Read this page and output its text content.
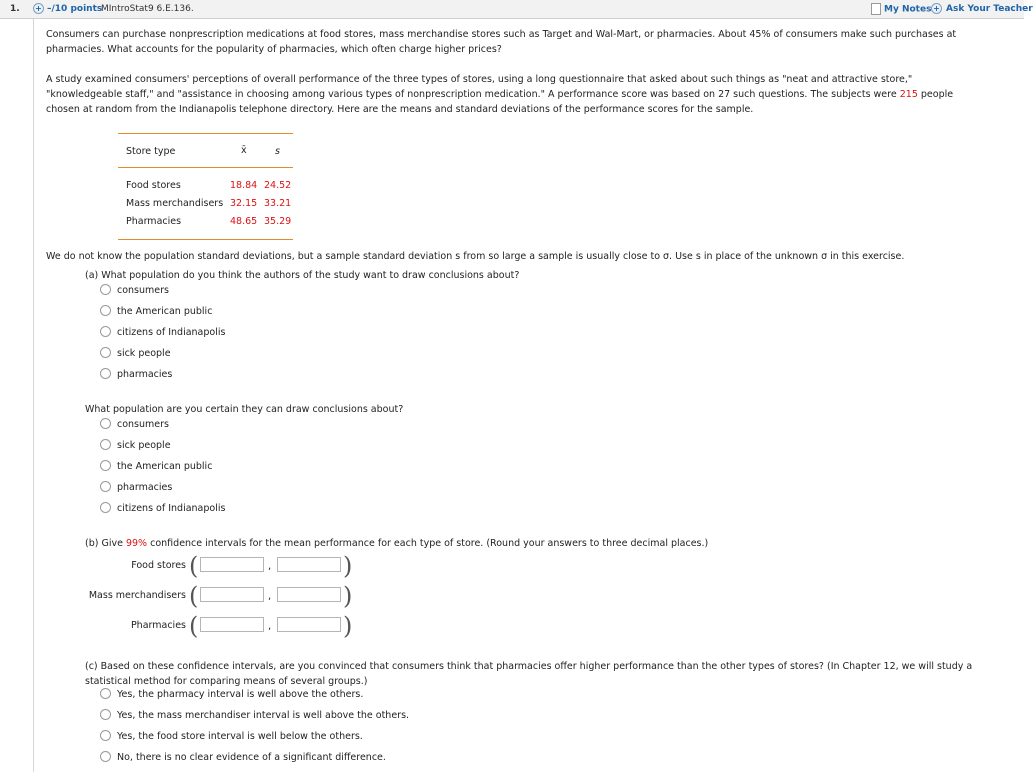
1. + –/10 points
MIntroStat9 6.E.136.	My Notes + Ask Your Teacher
Consumers can purchase nonprescription medications at food stores, mass merchandise stores such as Target and Wal-Mart, or pharmacies. About 45% of consumers make such purchases at
pharmacies. What accounts for the popularity of pharmacies, which often charge higher prices?
A study examined consumers' perceptions of overall performance of the three types of stores, using a long questionnaire that asked about such things as "neat and attractive store,"
"knowledgeable staff," and "assistance in choosing among various types of nonprescription medication." A performance score was based on 27 such questions. The subjects were 215 people
chosen at random from the Indianapolis telephone directory. Here are the means and standard deviations of the performance scores for the sample.
Store type	x̄	s
Food stores	18.84 24.52
Mass merchandisers 32.15 33.21
Pharmacies	48.65 35.29
We do not know the population standard deviations, but a sample standard deviation s from so large a sample is usually close to σ. Use s in place of the unknown σ in this exercise.
(a) What population do you think the authors of the study want to draw conclusions about?
consumers
the American public
citizens of Indianapolis
sick people
pharmacies
What population are you certain they can draw conclusions about?
consumers
sick people
the American public
pharmacies
citizens of Indianapolis
(b) Give 99% confidence intervals for the mean performance for each type of store. (Round your answers to three decimal places.)
Food stores (	,	)
Mass merchandisers (	,	)
Pharmacies (	,	)
(c) Based on these confidence intervals, are you convinced that consumers think that pharmacies offer higher performance than the other types of stores? (In Chapter 12, we will study a
statistical method for comparing means of several groups.)
Yes, the pharmacy interval is well above the others.
Yes, the mass merchandiser interval is well above the others.
Yes, the food store interval is well below the others.
No, there is no clear evidence of a significant difference.
